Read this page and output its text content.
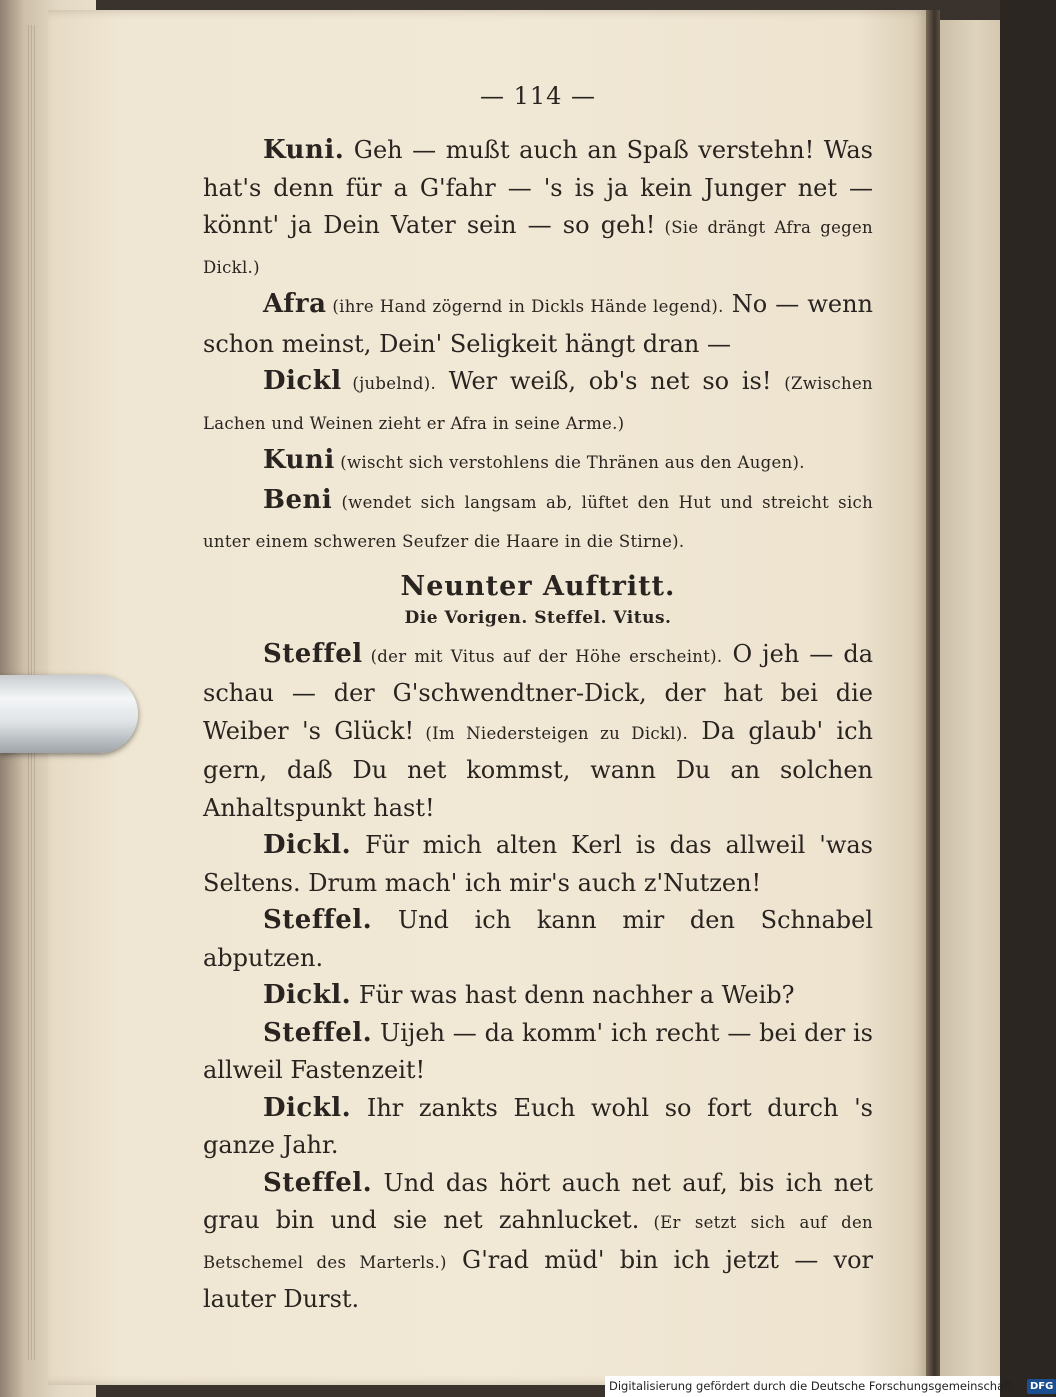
— 114 —

Kuni. Geh — mußt auch an Spaß verstehn! Was hat's denn für a G'fahr — 's is ja kein Junger net — könnt' ja Dein Vater sein — so geh! (Sie drängt Afra gegen Dickl.)

Afra (ihre Hand zögernd in Dickls Hände legend). No — wenn schon meinst, Dein' Seligkeit hängt dran —

Dickl (jubelnd). Wer weiß, ob's net so is! (Zwischen Lachen und Weinen zieht er Afra in seine Arme.)

Kuni (wischt sich verstohlens die Thränen aus den Augen).

Beni (wendet sich langsam ab, lüftet den Hut und streicht sich unter einem schweren Seufzer die Haare in die Stirne).

Neunter Auftritt.
Die Vorigen. Steffel. Vitus.

Steffel (der mit Vitus auf der Höhe erscheint). O jeh — da schau — der G'schwendtner-Dick, der hat bei die Weiber 's Glück! (Im Niedersteigen zu Dickl). Da glaub' ich gern, daß Du net kommst, wann Du an solchen Anhaltspunkt hast!

Dickl. Für mich alten Kerl is das allweil 'was Seltens. Drum mach' ich mir's auch z'Nutzen!

Steffel. Und ich kann mir den Schnabel abputzen.

Dickl. Für was hast denn nachher a Weib?

Steffel. Uijeh — da komm' ich recht — bei der is allweil Fastenzeit!

Dickl. Ihr zankts Euch wohl so fort durch 's ganze Jahr.

Steffel. Und das hört auch net auf, bis ich net grau bin und sie net zahnlucket. (Er setzt sich auf den Betschemel des Marterls.) G'rad müd' bin ich jetzt — vor lauter Durst.

Digitalisierung gefördert durch die Deutsche Forschungsgemeinschaft - DFG
